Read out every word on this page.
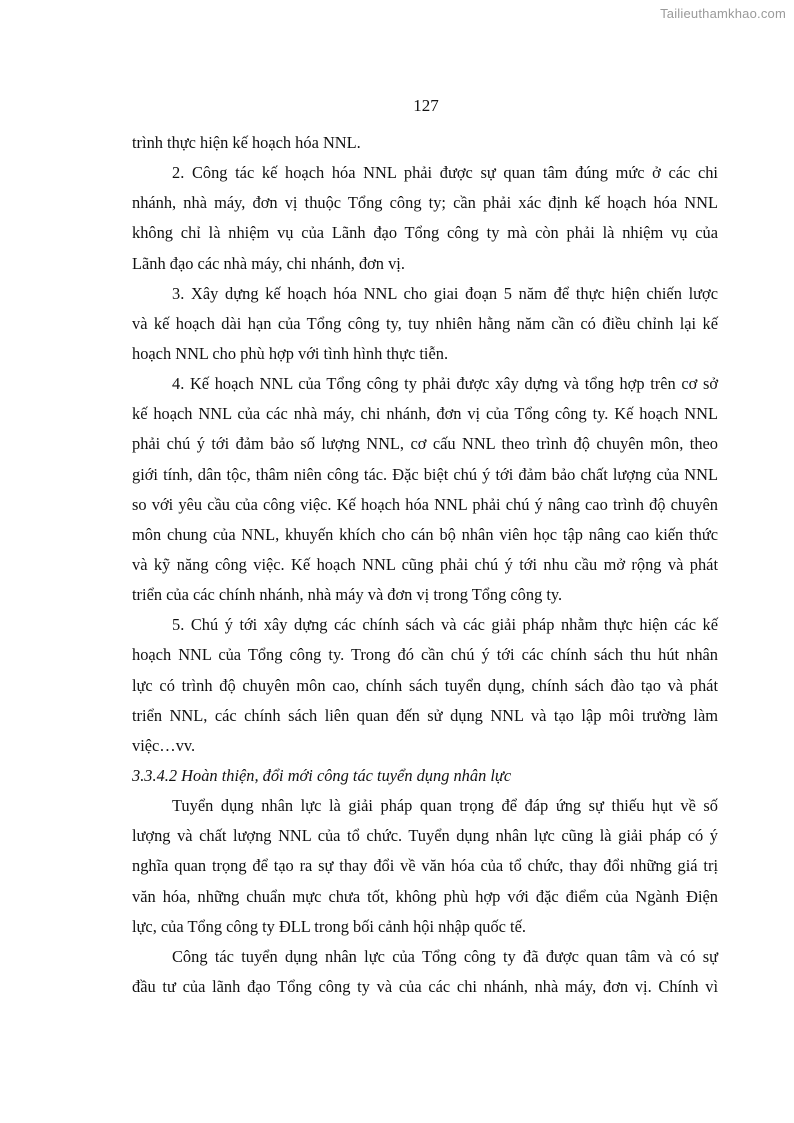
Tailieuthamkhao.com
127
trình thực hiện kế hoạch hóa NNL.
2. Công tác kế hoạch hóa NNL phải được sự quan tâm đúng mức ở các chi
nhánh, nhà máy, đơn vị thuộc Tổng công ty; cần phải xác định kế hoạch hóa NNL
không chỉ là nhiệm vụ của Lãnh đạo Tổng công ty mà còn phải là nhiệm vụ của
Lãnh đạo các nhà máy, chi nhánh, đơn vị.
3. Xây dựng kế hoạch hóa NNL cho giai đoạn 5 năm để thực hiện chiến lược
và kế hoạch dài hạn của Tổng công ty, tuy nhiên hằng năm cần có điều chỉnh lại kế
hoạch NNL cho phù hợp với tình hình thực tiễn.
4. Kế hoạch NNL của Tổng công ty phải được xây dựng và tổng hợp trên cơ sở
kế hoạch NNL của các nhà máy, chi nhánh, đơn vị của Tổng công ty. Kế hoạch NNL
phải chú ý tới đảm bảo số lượng NNL, cơ cấu NNL theo trình độ chuyên môn, theo
giới tính, dân tộc, thâm niên công tác. Đặc biệt chú ý tới đảm bảo chất lượng của NNL
so với yêu cầu của công việc. Kế hoạch hóa NNL phải chú ý nâng cao trình độ chuyên
môn chung của NNL, khuyến khích cho cán bộ nhân viên học tập nâng cao kiến thức
và kỹ năng công việc. Kế hoạch NNL cũng phải chú ý tới nhu cầu mở rộng và phát
triển của các chính nhánh, nhà máy và đơn vị trong Tổng công ty.
5. Chú ý tới xây dựng các chính sách và các giải pháp nhằm thực hiện các kế
hoạch NNL của Tổng công ty. Trong đó cần chú ý tới các chính sách thu hút nhân
lực có trình độ chuyên môn cao, chính sách tuyển dụng, chính sách đào tạo và phát
triển NNL, các chính sách liên quan đến sử dụng NNL và tạo lập môi trường làm
việc…vv.
3.3.4.2 Hoàn thiện, đổi mới công tác tuyển dụng nhân lực
Tuyển dụng nhân lực là giải pháp quan trọng để đáp ứng sự thiếu hụt về số
lượng và chất lượng NNL của tổ chức. Tuyển dụng nhân lực cũng là giải pháp có ý
nghĩa quan trọng để tạo ra sự thay đổi về văn hóa của tổ chức, thay đổi những giá trị
văn hóa, những chuẩn mực chưa tốt, không phù hợp với đặc điểm của Ngành Điện
lực, của Tổng công ty ĐLL trong bối cảnh hội nhập quốc tế.
Công tác tuyển dụng nhân lực của Tổng công ty đã được quan tâm và có sự
đầu tư của lãnh đạo Tổng công ty và của các chi nhánh, nhà máy, đơn vị. Chính vì
